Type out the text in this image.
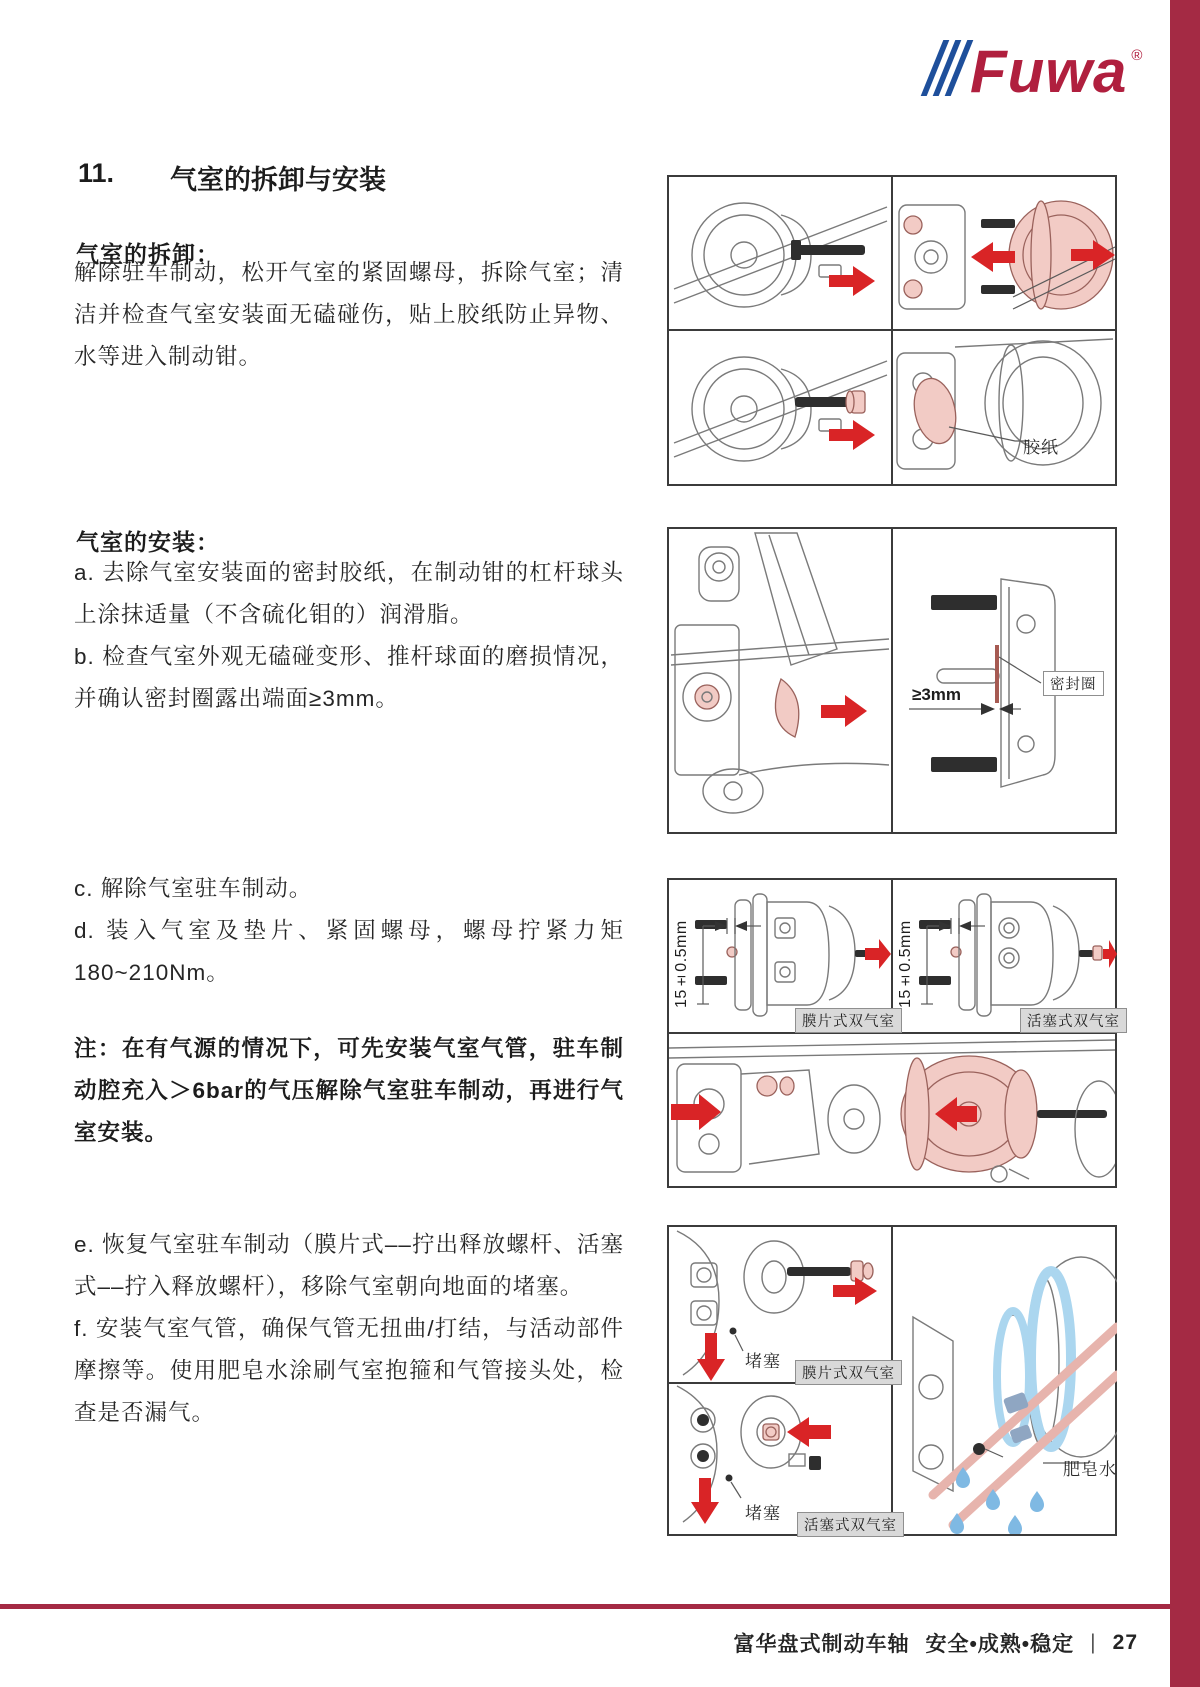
Fuwa ®
11. 气室的拆卸与安装
气室的拆卸：

解除驻车制动，松开气室的紧固螺母，拆除气室；清洁并检查气室安装面无磕碰伤，贴上胶纸防止异物、水等进入制动钳。

气室的安装：

a. 去除气室安装面的密封胶纸，在制动钳的杠杆球头上涂抹适量（不含硫化钼的）润滑脂。

b. 检查气室外观无磕碰变形、推杆球面的磨损情况，并确认密封圈露出端面≥3mm。

c. 解除气室驻车制动。

d. 装入气室及垫片、紧固螺母，螺母拧紧力矩180~210Nm。

注：在有气源的情况下，可先安装气室气管，驻车制动腔充入＞6bar的气压解除气室驻车制动，再进行气室安装。

e. 恢复气室驻车制动（膜片式––拧出释放螺杆、活塞式––拧入释放螺杆），移除气室朝向地面的堵塞。

f. 安装气室气管，确保气管无扭曲/打结，与活动部件摩擦等。使用肥皂水涂刷气室抱箍和气管接头处，检查是否漏气。

胶纸
≥3mm	密封圈
15±0.5mm	15±0.5mm
膜片式双气室	活塞式双气室
堵塞
膜片式双气室
堵塞
活塞式双气室
肥皂水
富华盘式制动车轴 安全•成熟•稳定 | 27
